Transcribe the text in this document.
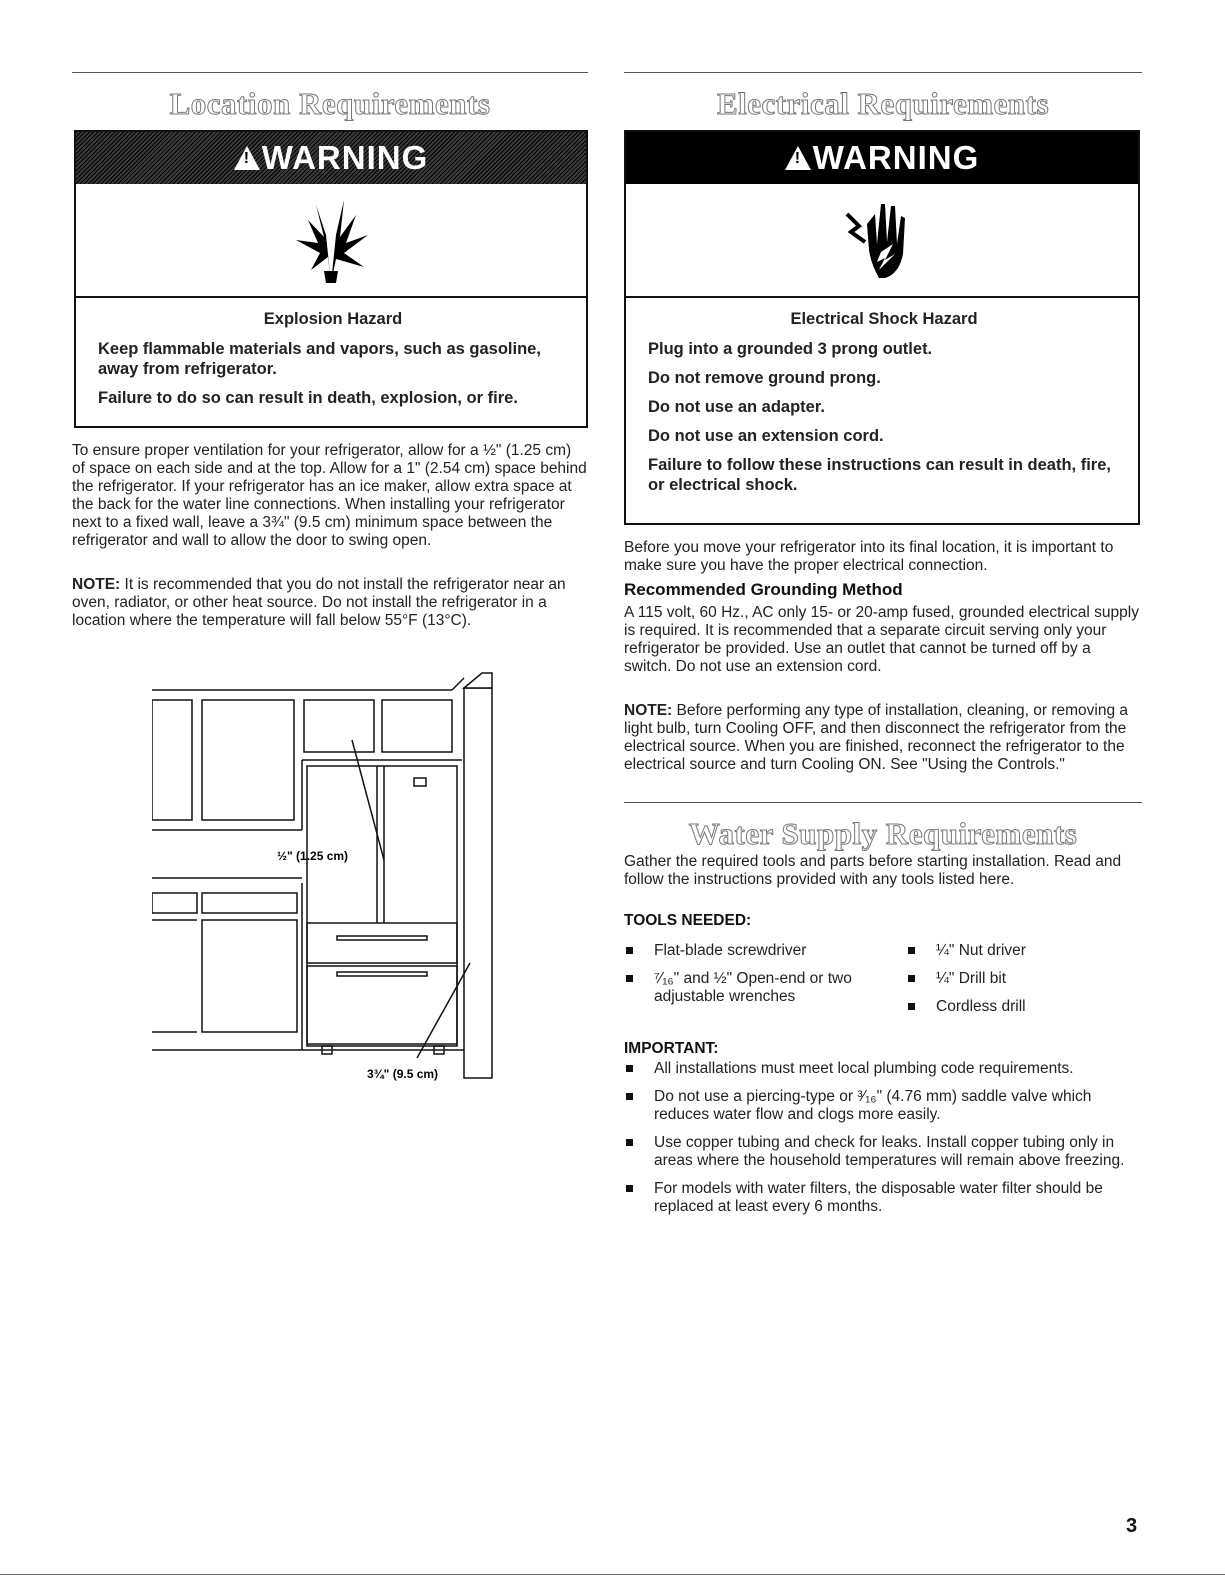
Location Requirements
!
WARNING
Explosion Hazard

Keep flammable materials and vapors, such as gasoline, away from refrigerator.

Failure to do so can result in death, explosion, or fire.

To ensure proper ventilation for your refrigerator, allow for a ½" (1.25 cm) of space on each side and at the top. Allow for a 1" (2.54 cm) space behind the refrigerator. If your refrigerator has an ice maker, allow extra space at the back for the water line connections. When installing your refrigerator next to a fixed wall, leave a 3¾" (9.5 cm) minimum space between the refrigerator and wall to allow the door to swing open.

NOTE: It is recommended that you do not install the refrigerator near an oven, radiator, or other heat source. Do not install the refrigerator in a location where the temperature will fall below 55°F (13°C).

½" (1.25 cm)
3¾" (9.5 cm)
Electrical Requirements
!
WARNING
Electrical Shock Hazard

Plug into a grounded 3 prong outlet.

Do not remove ground prong.

Do not use an adapter.

Do not use an extension cord.

Failure to follow these instructions can result in death, fire, or electrical shock.

Before you move your refrigerator into its final location, it is important to make sure you have the proper electrical connection.

Recommended Grounding Method

A 115 volt, 60 Hz., AC only 15- or 20-amp fused, grounded electrical supply is required. It is recommended that a separate circuit serving only your refrigerator be provided. Use an outlet that cannot be turned off by a switch. Do not use an extension cord.

NOTE: Before performing any type of installation, cleaning, or removing a light bulb, turn Cooling OFF, and then disconnect the refrigerator from the electrical source. When you are finished, reconnect the refrigerator to the electrical source and turn Cooling ON. See "Using the Controls."

Water Supply Requirements

Gather the required tools and parts before starting installation. Read and follow the instructions provided with any tools listed here.

TOOLS NEEDED:
Flat-blade screwdriver
⁷⁄₁₆" and ½" Open-end or two adjustable wrenches
¼" Nut driver
¼" Drill bit
Cordless drill
IMPORTANT:
All installations must meet local plumbing code requirements.
Do not use a piercing-type or ³⁄₁₆" (4.76 mm) saddle valve which reduces water flow and clogs more easily.
Use copper tubing and check for leaks. Install copper tubing only in areas where the household temperatures will remain above freezing.
For models with water filters, the disposable water filter should be replaced at least every 6 months.
3
